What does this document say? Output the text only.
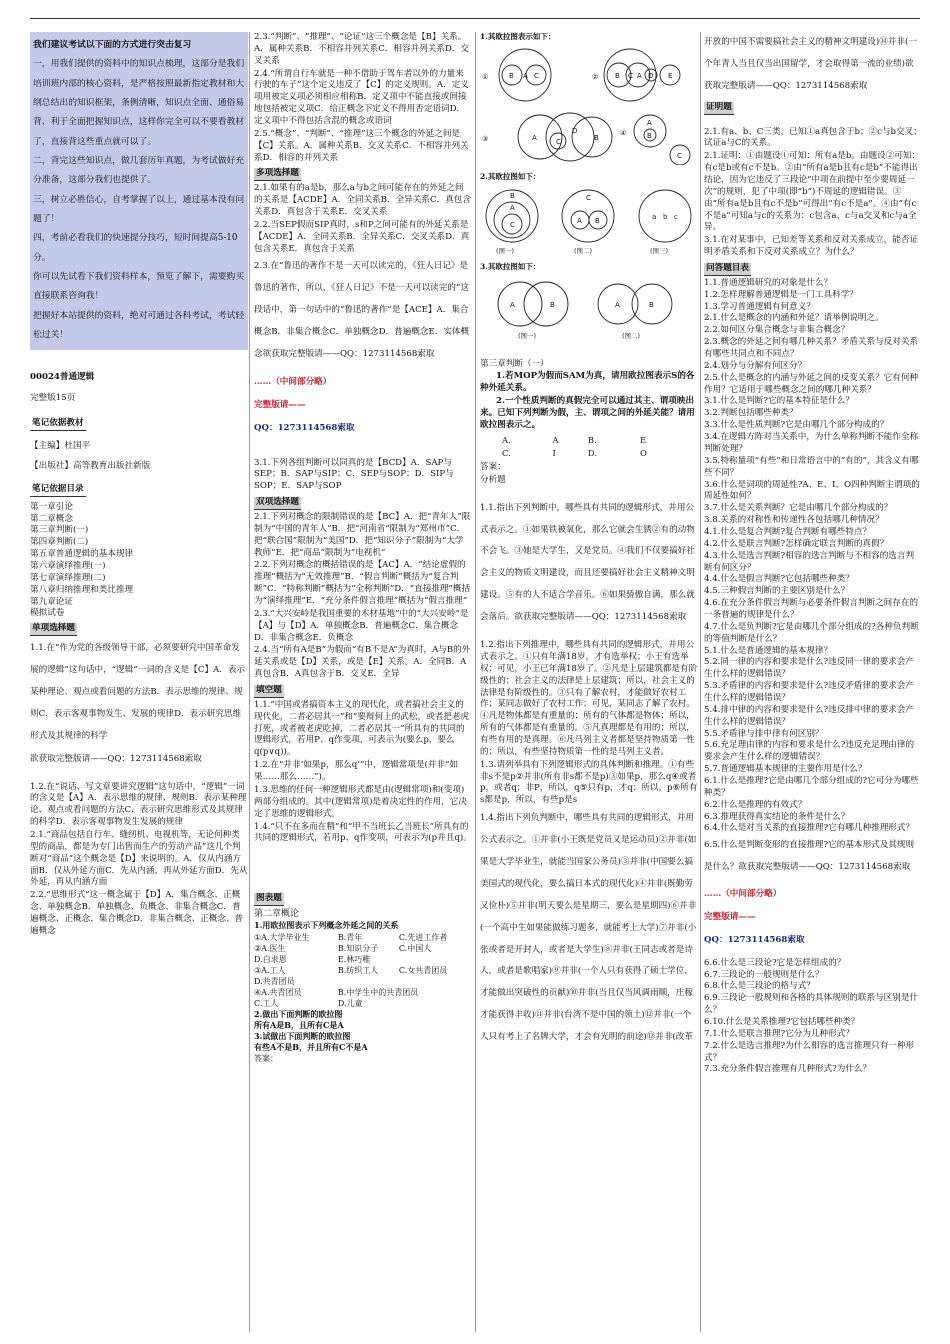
我们建议考试以下面的方式进行突击复习

一，用我们提供的资料中的知识点梳理，这部分是我们培训班内部的核心资料，是严格按照最新指定教材和大纲总结出的知识框架，条例清晰，知识点全面、通俗易背、利于全面把握知识点，这样你完全可以不要看教材了，直接背这些重点就可以了。

二，背完这些知识点，做几套历年真题，为考试做好充分准备，这部分我们也提供了。

三，树立必胜信心，自考掌握了以上，通过基本没有问题了！

四，考前必看我们的快速提分技巧，短时间提高5-10分。

你可以先试看下我们资料样本，预览了解下，需要购买直接联系咨询我！

把握好本站提供的资料，绝对可通过各科考试，考试轻松过关！

00024普通逻辑

完整版15页

笔记依据教材

【主编】杜国平

【出版社】高等教育出版社新版

笔记依据目录
第一章引论
第二章概念
第三章判断(一)
第四章判断(二)
第五章普通逻辑的基本规律
第六章演绎推理(一)
第七章演绎推理(二)
第八章归纳推理和类比推理
第九章论证
模拟试卷
单项选择题

1.1.在“作为党的各级领导干部，必须要研究中国革命发展的逻辑”这句话中，“逻辑”一词的含义是【C】A．表示某种理论、观点或看问题的方法B．表示思维的规律、规则C．表示客观事物发生、发展的规律D．表示研究思维形式及其规律的科学

欲获取完整版请——QQ：1273114568索取

1.2.在“说话、写文章要讲究逻辑”这句话中，“逻辑”一词的含义是【A】A．表示思维的规律、规则B．表示某种理论、观点或看问题的方法C．表示研究思维形式及其规律的科学D．表示客观事物发生发展的规律

2.1.“商品包括自行车、缝纫机、电视机等，无论何种类型的商品，都是为专门出售而生产的劳动产品”这几个判断对“商品”这个概念是【D】来说明的。A．仅从内涵方面B．仅从外延方面C．先从内涵，再从外延方面D．先从外延，再从内涵方面

2.2.“思维形式”这一概念属于【D】A．集合概念、正概念、单独概念B．单独概念、负概念、非集合概念C．普遍概念、正概念、集合概念D．非集合概念、正概念、普遍概念

2.3.“判断”、“推理”、“论证”这三个概念是【B】关系。A．属种关系B．不相容并列关系C．相容并列关系D．交叉关系

2.4.“所谓自行车就是一种不借助于驾车者以外的力量来行驶的车子”这个定义违反了【C】的定义规则。A．定义项用被定义项必须相应相称B．定义项中不能直接或间接地包括被定义项C．给正概念下定义不得用否定语词D．定义项中不得包括含混的概念或语词

2.5.“概念”、“判断”、“推理”这三个概念的外延之间是【C】关系。A．属种关系B．交叉关系C．不相容并列关系D．相容的并列关系

多项选择题

2.1.如果有的a是b，那么a与b之间可能存在的外延之间的关系是【ACDE】A．全同关系B．全异关系C．真包含关系D．真包含于关系E．交叉关系

2.2.当SEP假而SIP真时，s和P之间可能有的外延关系是【ACDE】A．全同关系B．全异关系C．交叉关系D．真包含关系E．真包含于关系

2.3.在“鲁迅的著作不是一天可以读完的，《狂人日记》是鲁迅的著作，所以，《狂人日记》不是一天可以读完的”这段话中，第一句话中的“鲁迅的著作”是【ACE】A．集合概念B．非集合概念C．单独概念D．普遍概念E．实体概念欲获取完整版请——QQ：1273114568索取

……（中间部分略）

完整版请——

QQ：1273114568索取

3.1.下列各组判断可以同真的是【BCD】A．SAP与SEP；B．SAP与SIP；C．SEP与SOP；D．SIP与SOP；E．SAP与SOP

双项选择题

2.1.下列对概念的限制错误的是【BC】A．把“青年人”限制为“中国的青年人”B．把“河南省”限制为“郑州市”C．把“联合国”限制为“美国”D．把“知识分子”限制为“大学教师”E．把“商品”限制为“电视机”

2.2.下列对概念的概括错误的是【AC】A．“结论虚假的推理”概括为“无效推理”B．“假言判断”概括为“复合判断”C．“特称判断”概括为“全称判断”D．“直接推理”概括为“演绎推理”E．“充分条件假言推理”概括为“假言推理”

2.3.“大兴安岭是我国重要的木材基地”中的“大兴安岭”是【A】与【D】A．单独概念B．普遍概念C．集合概念D．非集合概念E．负概念

2.4.当“所有A是B”为假而“有B不是A”为真时，A与B的外延关系或是【D】关系，或是【E】关系。A．全同B．A真包含B．A真包含于B．交叉E．全异

填空题

1.1.“中国或者搞资本主义的现代化，或者搞社会主义的现代化，二者必居其一”和“要辩何上的武松，或者把老虎打死，或者被老虎吃掉，二者必居其一”所具有的共同的逻辑形式，若用P、q作变项，可表示为(要么p，要么q(p∨q))。

1.2.在“并非‘如果p，那么q’”中，逻辑常项是(并非“如果……那么……”)。

1.3.思维的任何一种逻辑形式都是由(逻辑常项)和(变项)两部分组成的。其中(逻辑常项)是着决定性的作用，它决定了思维的逻辑形式。

1.4.“只不在多而在精”和“甲不当班长乙当班长”所具有的共同的逻辑形式，若用p、q作变项，可表示为(p并且q)。

图表题

第二章概论

1.用欧拉图表示下列概念外延之间的关系

①A.大学毕业生	B.青年	C.先进工作者
②A.医生	B.知识分子	C.中国人
D.白求恩	E.林巧稚	
③A.工人	B.纺织工人	C.女共青团员
D.共青团员		
④A.共青团员	B.中学生中的共青团员	
C.工人	D.儿童	

2.做出下面判断的欧拉图

所有A是B，且所有C是A

3.试做出下面判断的欧拉图

有些A不是B，并且所有C不是A

答案：

1.其欧拉图表示如下：

①	B A C	② B C A D E
③	A	C
D
B
④
A
B
C

2.其欧拉图如下：

B
A
C
C
A B	a b c
(图一)	(图二)	(图三)

3.其欧拉图如下：

A	B	A	B
(图一)	(图二)

第三章判断（一）

1.若MOP为假而SAM为真，请用欧拉图表示S的各种外延关系。

2.一个性质判断的真假完全可以通过其主、谓项映出来。已知下列判断为假，主、谓项之间的外延关能？请用欧拉图表示之。

A.	A	B.	E
C.	I	D.	O

答案：

分析题

1.1.指出下列判断中，哪些具有共同的逻辑形式，并用公式表示之。①如果铁被氧化，那么它就会生锈②有的动物不会飞。③她是大学生，又是党员。④我们不仅要搞好社会主义的物质文明建设，而且还要搞好社会主义精神文明建设。⑤有的人不适合学音乐。⑥如果骄傲自满，那么就会落后。欲获取完整版请——QQ：1273114568索取

1.2.指出下列推理中，哪些具有共同的逻辑形式，并用公式表示之。①只有年满18岁，才有选举权；小王有选举权；可见，小王已年满18岁了。②凡是上层建筑都是有阶级性的；社会主义的法律是上层建筑；所以，社会主义的法律是有阶级性的。③只有了解农村，才能做好农村工作；某同志做好了农村工作；可见，某同志了解了农村。④凡是物体都是有重量的；所有的气体都是物体；所以，所有的气体都是有重量的。⑤凡真理都是有用的；所以，有些有用的是真理。⑥凡马列主义者都是坚持物质第一性的；所以，有些坚持物质第一性的是马列主义者。

1.3.请列举具有下列逻辑形式的具体判断和推理。①有些非s不是p②并非(所有非s都不是p)③如果p，那么q④或者p，或者q；非P，所以，q⑤只有p，才q；所以，p⑥所有s都是p，所以，有些p是s

1.4.指出下列负判断中，哪些具有共同的逻辑形式，并用公式表示之。①并非(小王既是党员又是运动员)②并非(如果是大学毕业生，就能当国家公务员)③并非(中国要么搞美国式的现代化，要么搞日本式的现代化)④并非(既勤劳又俭朴)⑤并非(明天要么是星期三，要么是星期四)⑥并非(一个高中生如果能做练习题多，就能考上大学)⑦并非(小张或者是开封人，或者是大学生)⑧并非(王同志或者是诗人，或者是歌唱家)⑨并非(一个人只有获得了硕士学位，才能做出突破性的贡献)⑩并非(当且仅当风调雨顺，庄稼才能获得丰收)⑪并非(台湾不是中国的领土)⑫并非(一个人只有考上了名牌大学，才会有光明的前途)⑬并非(改革

开放的中国不需要搞社会主义的精神文明建设)⑭并非(一个年青人当且仅当出国留学，才会取得第一流的业绩)欲获取完整版请——QQ：1273114568索取

证明题

2.1.有a、b、C三类，已知①a真包含于b；②c与b交叉；试证a与C的关系。

2.1.证明：①由题设①可知：所有a是b。由题设②可知：有c是b或有c不是b。②由“所有a是b且有c是b”不能得出结论，因为它违反了三段论“中项在前提中至少要周延一次”的规则，犯了中项(即“b”)不周延的逻辑错误。③由“所有a是b且有c不是b”可得出“有c不是a”。④由“有c不是a”可知a与c的关系为：c包含a、c与a交叉和c与a全异。

3.1.在对某事中，已知差等关系和反对关系成立，能否证明矛盾关系和下反对关系成立？为什么？

问答题目表
1.1.普通逻辑研究的对象是什么？
1.2.怎样理解普通逻辑是一门工具科学？
1.3.学习普通逻辑有何意义？
2.1.什么是概念的内涵和外延？请举例说明之。
2.2.如何区分集合概念与非集合概念？
2.3.概念的外延之间有哪几种关系？矛盾关系与反对关系有哪些共同点和不同点？
2.4.划分与分解有何区分？
2.5.什么是概念的内涵与外延之间的反变关系？它有何种作用？它适用于哪些概念之间的哪几种关系？
3.1.什么是判断?它的基本特征是什么？
3.2.判断包括哪些种类？
3.3.什么是性质判断?它是由哪几个部分构成的？
3.4.在逻辑方阵对当关系中，为什么单称判断不能作全称判断处理？
3.5.特称量项“有些”和日常语言中的“有的”，其含义有哪些不同？
3.6.什么是词项的周延性?A、E、I、O四种判断主谓项的周延性如何？
3.7.什么是关系判断？它是由哪几个部分构成的？
3.8.关系的对称性和传递性各包括哪几种情况？
4.1.什么是复合判断?复合判断有哪些特点？
4.2.什么是联言判断?怎样确定联言判断的真假？
4.3.什么是选言判断?相容的选言判断与不相容的选言判断有何区分？
4.4.什么是假言判断?它包括哪些种类？
4.5.三种假言判断的主要区别是什么？
4.6.在充分条件假言判断与必要条件假言判断之间存在的一条普遍的规律是什么？
4.7.什么是负判断?它是由哪几个部分组成的?各种负判断的等值判断是什么？
5.1.什么是普通逻辑的基本规律？
5.2.同一律的内容和要求是什么?违反同一律的要求会产生什么样的逻辑错误？
5.3.矛盾律的内容和要求是什么?违反矛盾律的要求会产生什么样的逻辑错误？
5.4.排中律的内容和要求是什么?违反排中律的要求会产生什么样的逻辑错误？
5.5.矛盾律与排中律有何区别？
5.6.充足理由律的内容和要求是什么?违反充足理由律的要求会产生什么样的逻辑错误？
5.7.普通逻辑基本规律的主要作用是什么？
6.1.什么是推理?它是由哪几个部分组成的?它可分为哪些种类？
6.2.什么是推理的有效式？
6.3.推理获得真实结论的条件是什么？
6.4.什么是对当关系的直接推理?它有哪几种推理形式？
6.5.什么是判断变形的直接推理?它的基本形式及其规则是什么？欲获取完整版请——QQ：1273114568索取

……（中间部分略）

完整版请——

QQ：1273114568索取

6.6.什么是三段论?它是怎样组成的？
6.7.三段论的一般规则是什么？
6.8.什么是三段论的格与式？
6.9.三段论一般规则和各格的具体规则的联系与区别是什么？
6.10.什么是关系推理?它包括哪些种类？
7.1.什么是联言推理?它分为几种形式？
7.2.什么是选言推理?为什么相容的选言推理只有一种形式？
7.3.充分条件假言推理有几种形式?为什么？
